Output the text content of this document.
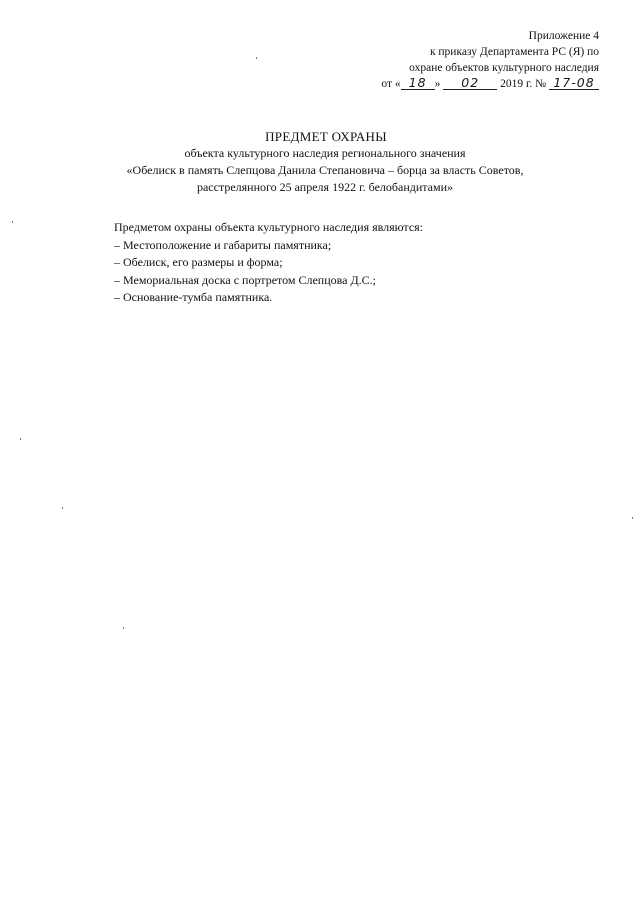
Приложение 4
к приказу Департамента РС (Я) по
охране объектов культурного наследия
от « 18 » 02 2019 г. № 17-08
ПРЕДМЕТ ОХРАНЫ
объекта культурного наследия регионального значения
«Обелиск в память Слепцова Данила Степановича – борца за власть Советов,
расстрелянного 25 апреля 1922 г. белобандитами»
Предметом охраны объекта культурного наследия являются:
– Местоположение и габариты памятника;
– Обелиск, его размеры и форма;
– Мемориальная доска с портретом Слепцова Д.С.;
– Основание-тумба памятника.
